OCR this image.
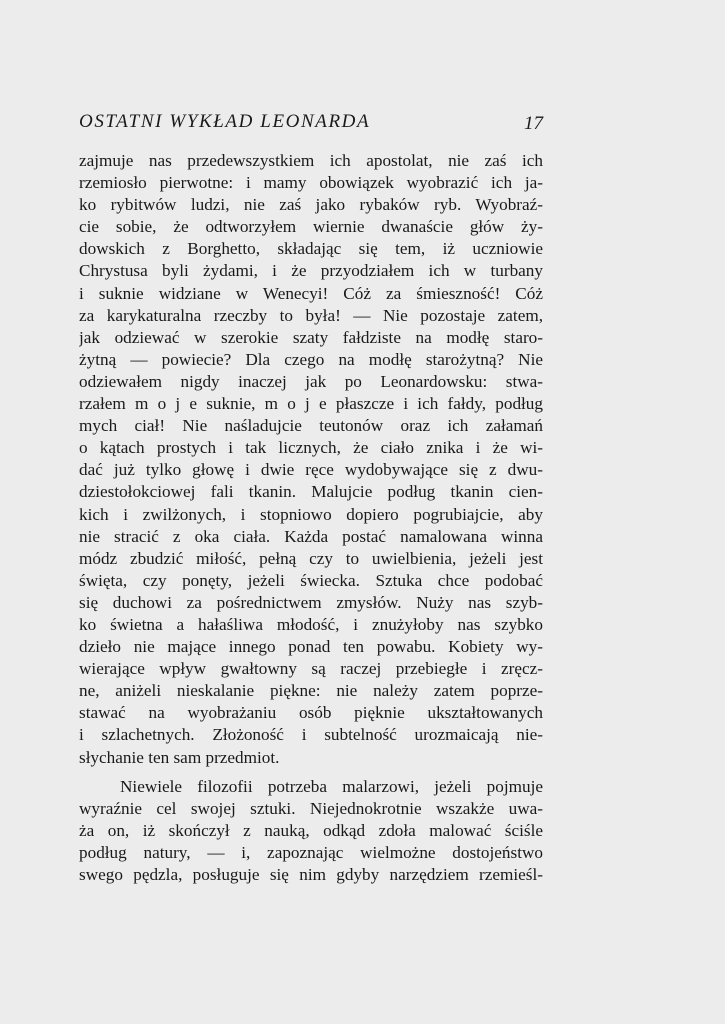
OSTATNI WYKŁAD LEONARDA	17
zajmuje nas przedewszystkiem ich apostolat, nie zaś ich
rzemiosło pierwotne: i mamy obowiązek wyobrazić ich ja-
ko rybitwów ludzi, nie zaś jako rybaków ryb. Wyobraź-
cie sobie, że odtworzyłem wiernie dwanaście głów ży-
dowskich z Borghetto, składając się tem, iż uczniowie
Chrystusa byli żydami, i że przyodziałem ich w turbany
i suknie widziane w Wenecyi! Cóż za śmieszność! Cóż
za karykaturalna rzeczby to była! — Nie pozostaje zatem,
jak odziewać w szerokie szaty fałdziste na modłę staro-
żytną — powiecie? Dla czego na modłę starożytną? Nie
odziewałem nigdy inaczej jak po Leonardowsku: stwa-
rzałem m o j e suknie, m o j e płaszcze i ich fałdy, podług
mych ciał! Nie naśladujcie teutonów oraz ich załamań
o kątach prostych i tak licznych, że ciało znika i że wi-
dać już tylko głowę i dwie ręce wydobywające się z dwu-
dziestołokciowej fali tkanin. Malujcie podług tkanin cien-
kich i zwilżonych, i stopniowo dopiero pogrubiajcie, aby
nie stracić z oka ciała. Każda postać namalowana winna
módz zbudzić miłość, pełną czy to uwielbienia, jeżeli jest
święta, czy ponęty, jeżeli świecka. Sztuka chce podobać
się duchowi za pośrednictwem zmysłów. Nuży nas szyb-
ko świetna a hałaśliwa młodość, i znużyłoby nas szybko
dzieło nie mające innego ponad ten powabu. Kobiety wy-
wierające wpływ gwałtowny są raczej przebiegłe i zręcz-
ne, aniżeli nieskalanie piękne: nie należy zatem poprze-
stawać na wyobrażaniu osób pięknie ukształtowanych
i szlachetnych. Złożoność i subtelność urozmaicają nie-
słychanie ten sam przedmiot.
Niewiele filozofii potrzeba malarzowi, jeżeli pojmuje
wyraźnie cel swojej sztuki. Niejednokrotnie wszakże uwa-
ża on, iż skończył z nauką, odkąd zdoła malować ściśle
podług natury, — i, zapoznając wielmożne dostojeństwo
swego pędzla, posługuje się nim gdyby narzędziem rzemieśl-
